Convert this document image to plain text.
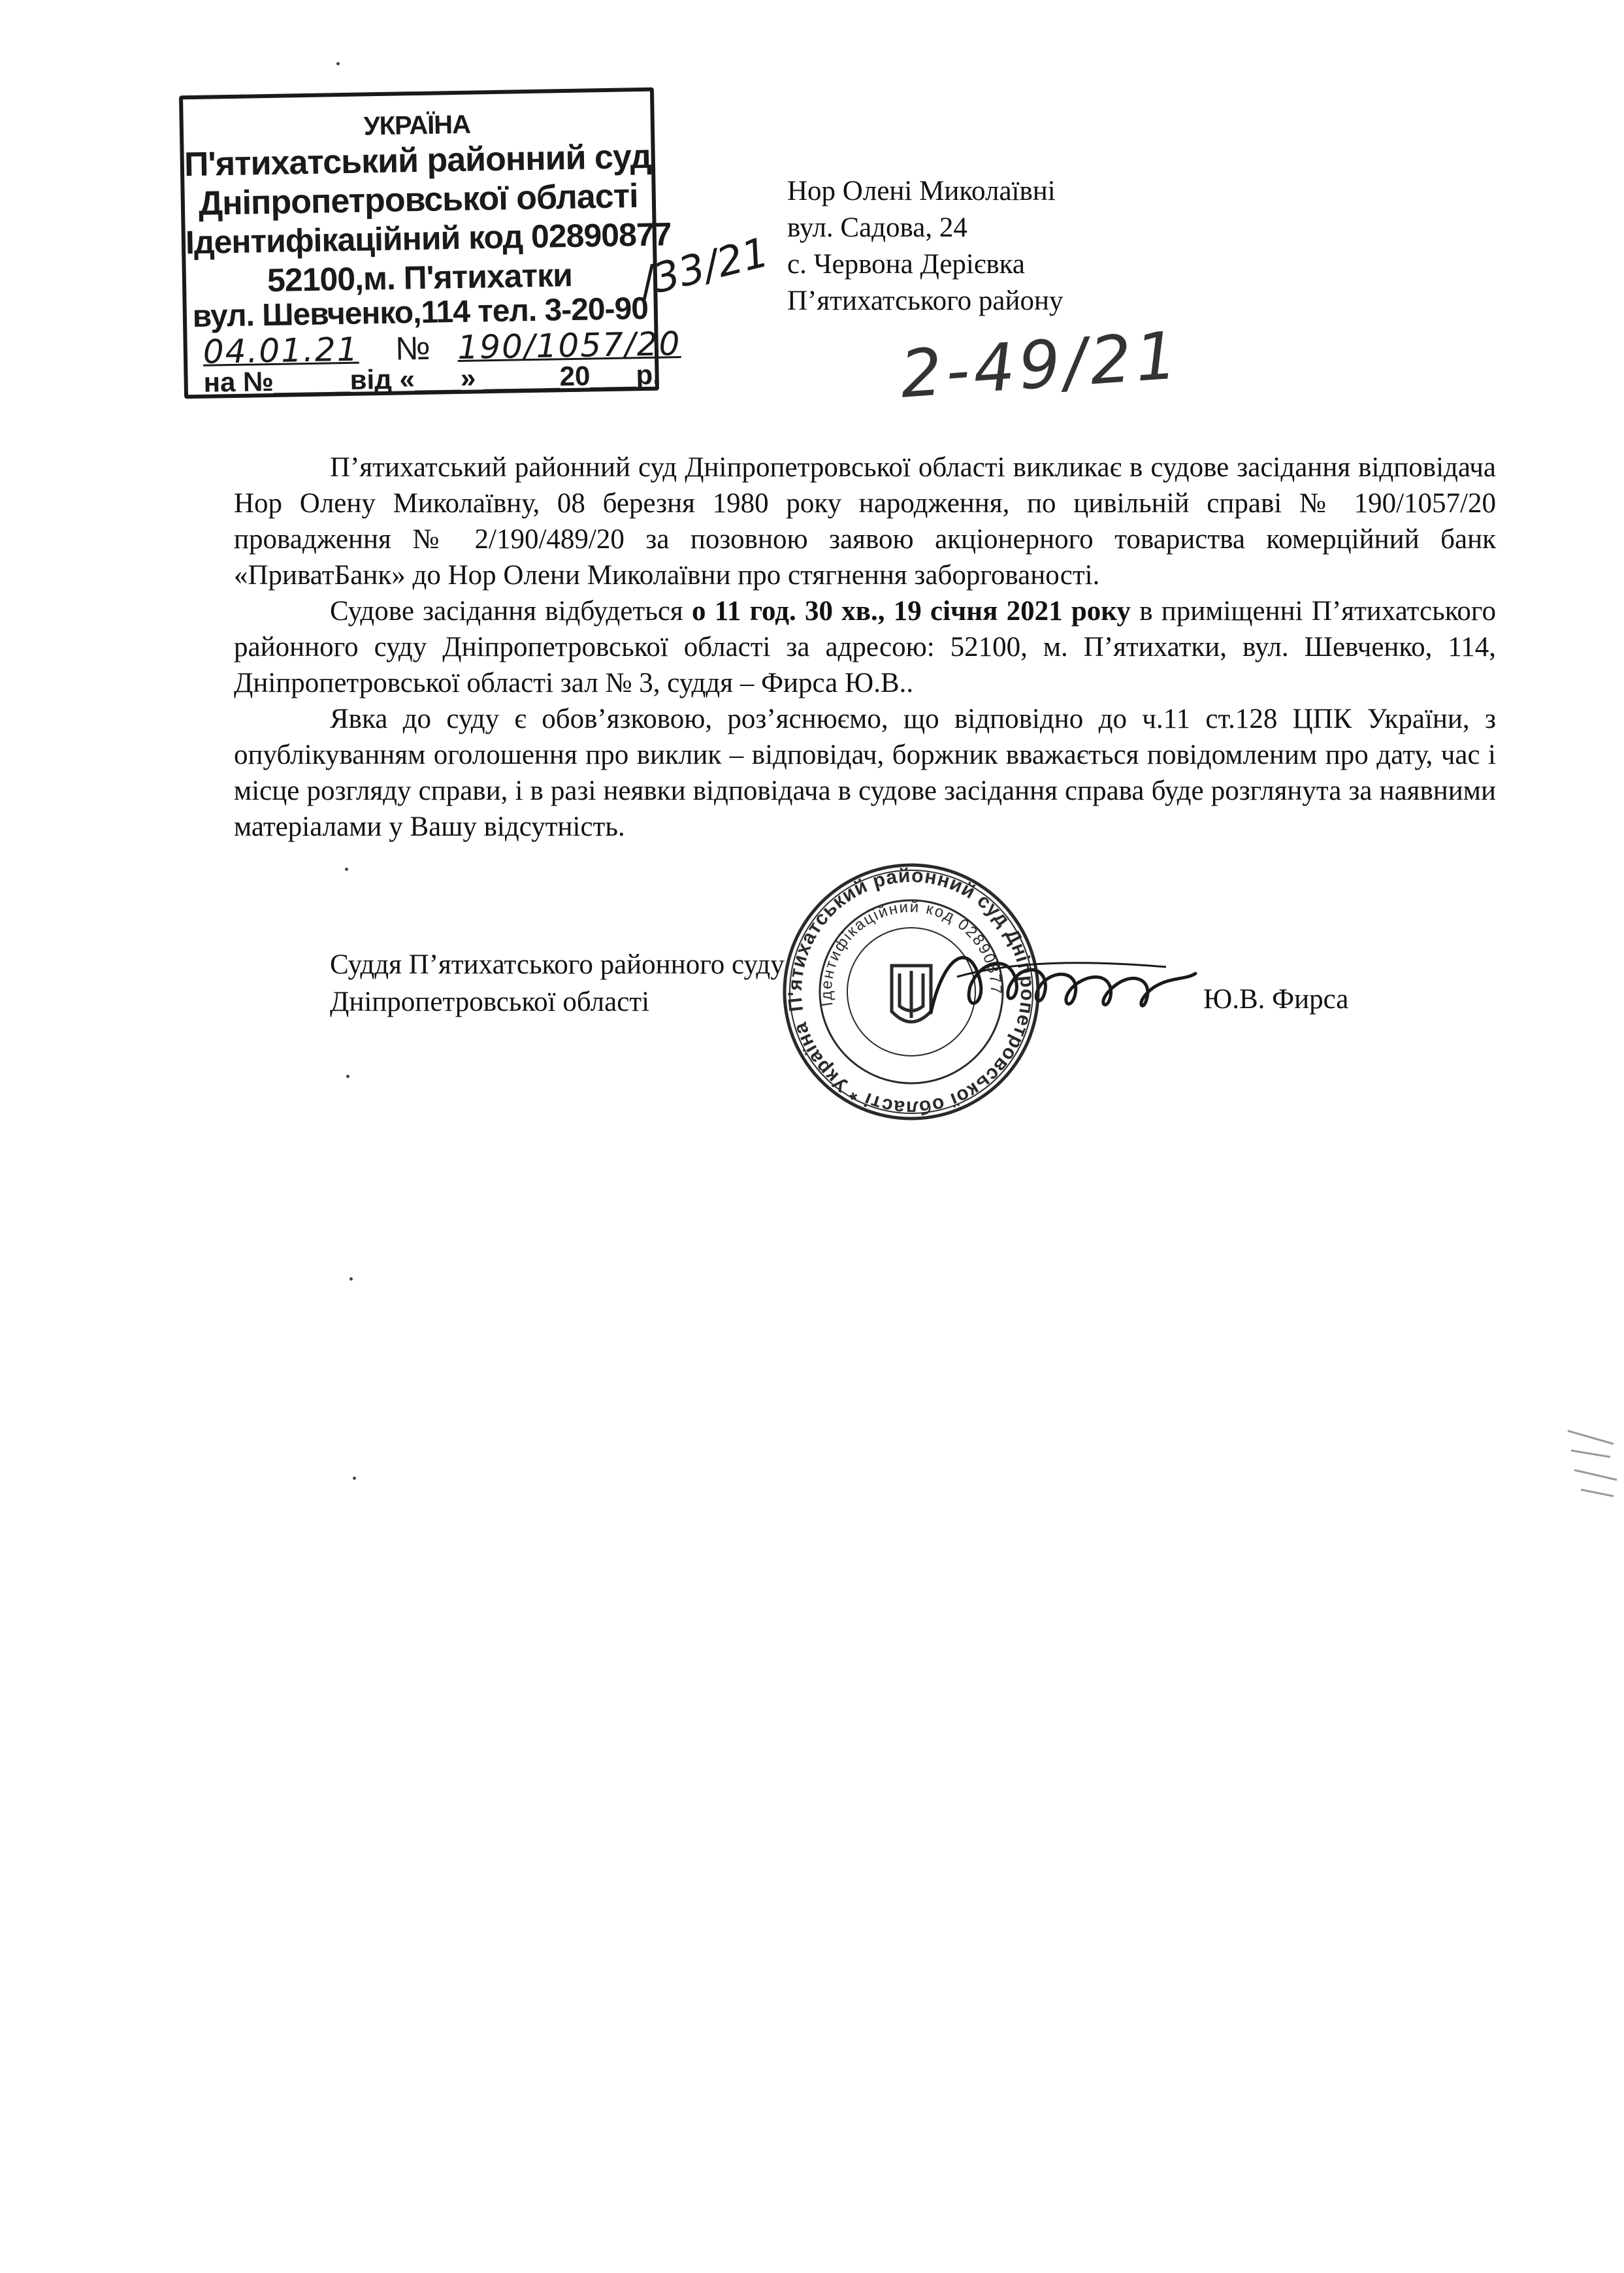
УКРАЇНА
П'ятихатський районний суд
Дніпропетровської області
Ідентифікаційний код 02890877
52100,м. П'ятихатки
вул. Шевченко,114 тел. 3-20-90
04.01.21 № 190/1057/20
на №_____від «___» _____20___р.
/33/21
Нор Олені Миколаївні
вул. Садова, 24
с. Червона Дерієвка
П’ятихатського району
2-49/21

П’ятихатський районний суд Дніпропетровської області викликає в судове засідання відповідача Нор Олену Миколаївну, 08 березня 1980 року народження, по цивільній справі № 190/1057/20 провадження № 2/190/489/20 за позовною заявою акціонерного товариства комерційний банк «ПриватБанк» до Нор Олени Миколаївни про стягнення заборгованості.

Судове засідання відбудеться о 11 год. 30 хв., 19 січня 2021 року в приміщенні П’ятихатського районного суду Дніпропетровської області за адресою: 52100, м. П’ятихатки, вул. Шевченко, 114, Дніпропетровської області зал № 3, суддя – Фирса Ю.В..

Явка до суду є обов’язковою, роз’яснюємо, що відповідно до ч.11 ст.128 ЦПК України, з опублікуванням оголошення про виклик – відповідач, боржник вважається повідомленим про дату, час і місце розгляду справи, і в разі неявки відповідача в судове засідання справа буде розглянута за наявними матеріалами у Вашу відсутність.

П'ятихатський районний суд Дніпропетровської області * Україна
Ідентифікаційний код 02890877
Суддя П’ятихатського районного суду
Дніпропетровської області	Ю.В. Фирса
